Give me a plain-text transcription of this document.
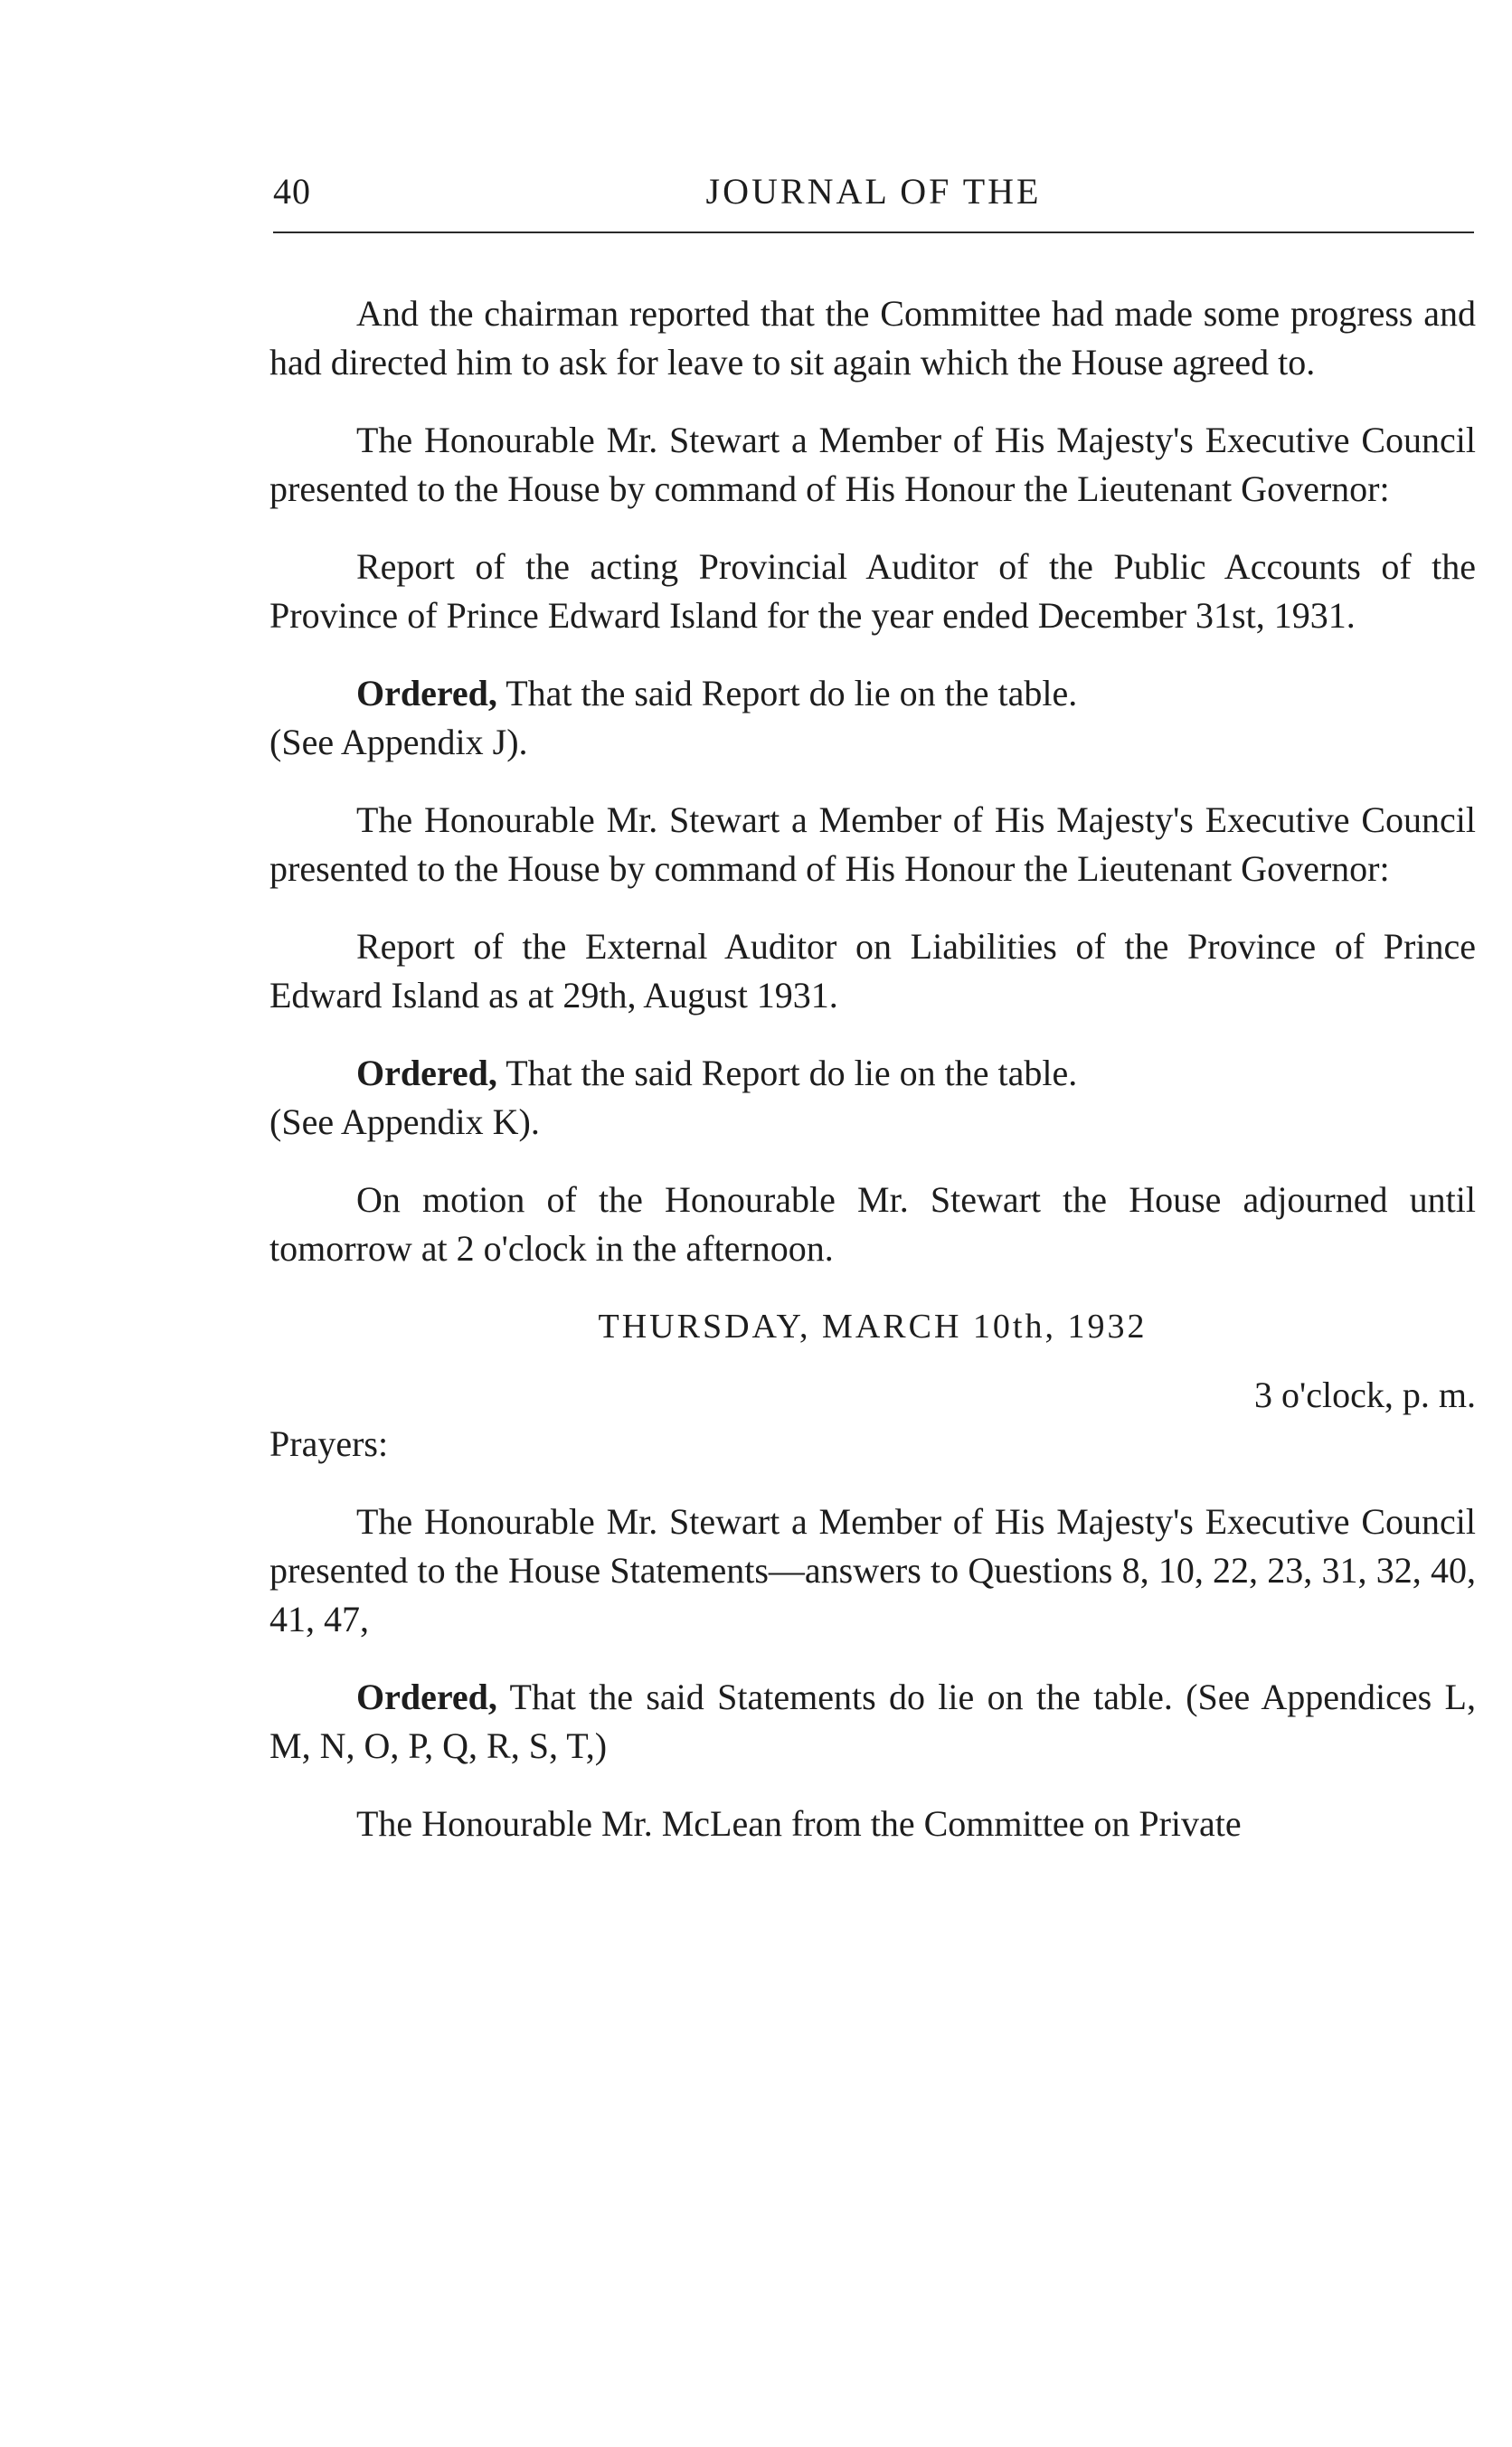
40	JOURNAL OF THE

And the chairman reported that the Committee had made some progress and had directed him to ask for leave to sit again which the House agreed to.

The Honourable Mr. Stewart a Member of His Majesty's Executive Council presented to the House by command of His Honour the Lieutenant Governor:

Report of the acting Provincial Auditor of the Public Accounts of the Province of Prince Edward Island for the year ended December 31st, 1931.

Ordered, That the said Report do lie on the table.
(See Appendix J).

The Honourable Mr. Stewart a Member of His Majesty's Executive Council presented to the House by command of His Honour the Lieutenant Governor:

Report of the External Auditor on Liabilities of the Province of Prince Edward Island as at 29th, August 1931.

Ordered, That the said Report do lie on the table.
(See Appendix K).

On motion of the Honourable Mr. Stewart the House adjourned until tomorrow at 2 o'clock in the afternoon.

THURSDAY, MARCH 10th, 1932

3 o'clock, p. m.

Prayers:

The Honourable Mr. Stewart a Member of His Majesty's Executive Council presented to the House Statements—answers to Questions 8, 10, 22, 23, 31, 32, 40, 41, 47,

Ordered, That the said Statements do lie on the table. (See Appendices L, M, N, O, P, Q, R, S, T,)

The Honourable Mr. McLean from the Committee on Private
